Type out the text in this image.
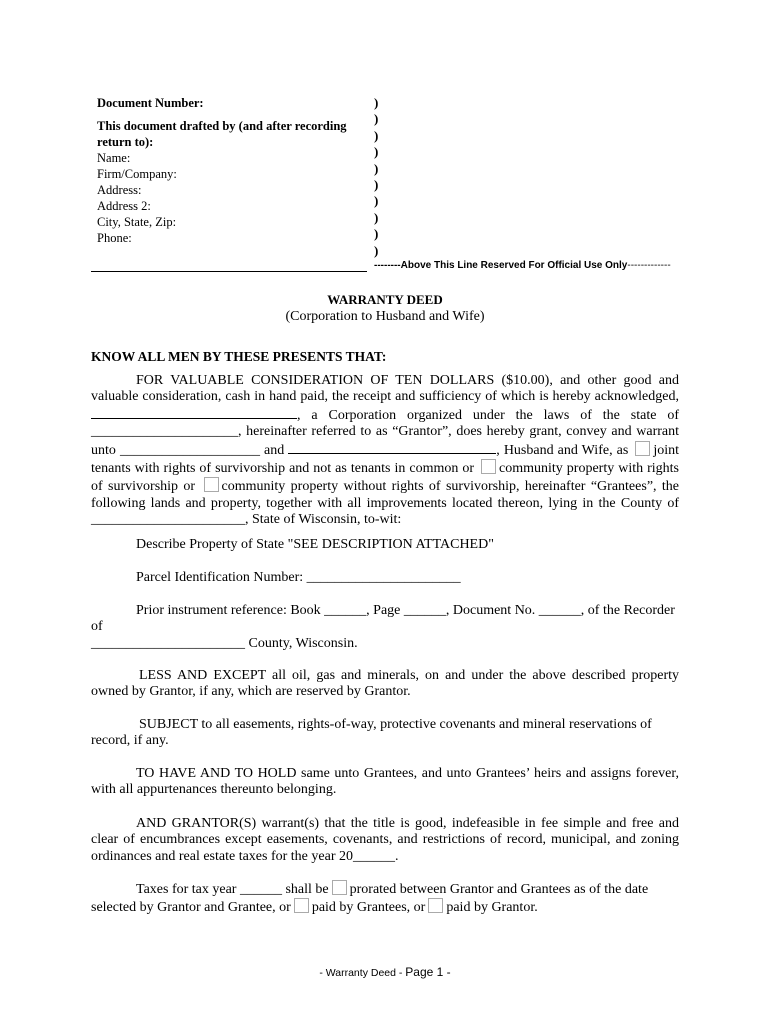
Document Number:
This document drafted by (and after recording return to):
Name:
Firm/Company:
Address:
Address 2:
City, State, Zip:
Phone:
)
)
)
)
)
)
)
)
)
)
--------Above This Line Reserved For Official Use Only-------------
WARRANTY DEED
(Corporation to Husband and Wife)
KNOW ALL MEN BY THESE PRESENTS THAT:
FOR VALUABLE CONSIDERATION OF TEN DOLLARS ($10.00), and other good and valuable consideration, cash in hand paid, the receipt and sufficiency of which is hereby acknowledged, , a Corporation organized under the laws of the state of _____________________, hereinafter referred to as “Grantor”, does hereby grant, convey and warrant unto ____________________ and	, Husband and Wife, as joint tenants with rights of survivorship and not as tenants in common or community property with rights of survivorship or community property without rights of survivorship, hereinafter “Grantees”, the following lands and property, together with all improvements located thereon, lying in the County of ______________________, State of Wisconsin, to-wit:
Describe Property of State "SEE DESCRIPTION ATTACHED"
Parcel Identification Number: ______________________
Prior instrument reference: Book ______, Page ______, Document No. ______, of the Recorder of
______________________ County, Wisconsin.
LESS AND EXCEPT all oil, gas and minerals, on and under the above described property owned by Grantor, if any, which are reserved by Grantor.
SUBJECT to all easements, rights-of-way, protective covenants and mineral reservations of record, if any.
TO HAVE AND TO HOLD same unto Grantees, and unto Grantees’ heirs and assigns forever, with all appurtenances thereunto belonging.
AND GRANTOR(S) warrant(s) that the title is good, indefeasible in fee simple and free and clear of encumbrances except easements, covenants, and restrictions of record, municipal, and zoning ordinances and real estate taxes for the year 20______.
Taxes for tax year ______ shall be prorated between Grantor and Grantees as of the date selected by Grantor and Grantee, or paid by Grantees, or paid by Grantor.
- Warranty Deed - Page 1 -
